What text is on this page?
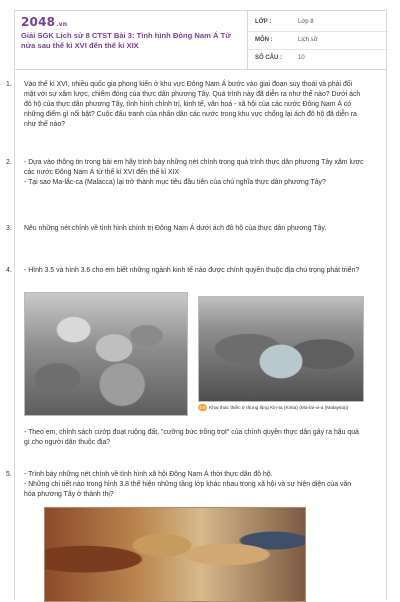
2048.vn
Giải SGK Lịch sử 8 CTST Bài 3: Tình hình Đông Nam Á Từ nửa sau thế kỉ XVI đến thế kỉ XIX
LỚP :	Lớp 8
MÔN :	Lịch sử
SỐ CÂU :	10
1. Vào thế kỉ XVI, nhiều quốc gia phong kiến ở khu vực Đông Nam Á bước vào giai đoạn suy thoái và phải đối mặt với sự xâm lược, chiếm đóng của thực dân phương Tây. Quá trình này đã diễn ra như thế nào? Dưới ách đô hộ của thực dân phương Tây, tình hình chính trị, kinh tế, văn hoá - xã hội của các nước Đông Nam Á có những điểm gì nổi bật? Cuộc đấu tranh của nhân dân các nước trong khu vực chống lại ách đô hộ đã diễn ra như thế nào?

2. - Dựa vào thông tin trong bài em hãy trình bày những nét chính trong quá trình thực dân phương Tây xâm lược các nước Đông Nam Á từ thế kỉ XVI đến thế kỉ XIX

- Tại sao Ma-lắc-ca (Malacca) lại trở thành mục tiêu đầu tiên của chủ nghĩa thực dân phương Tây?

3. Nêu những nét chính về tình hình chính trị Đông Nam Á dưới ách đô hộ của thực dân phương Tây.

4. - Hình 3.5 và hình 3.6 cho em biết những ngành kinh tế nào được chính quyền thuộc địa chú trọng phát triển?

3.6 Khai thác thiếc ở thung lũng Kin-ta (Kinta) (Ma-lai-xi-a (Malaysia))

- Theo em, chính sách cướp đoạt ruộng đất, "cưỡng bức trồng trọt" của chính quyền thực dân gây ra hậu quả gì cho người dân thuộc địa?

5. - Trình bày những nét chính về tình hình xã hội Đông Nam Á thời thực dân đô hộ.

- Những chi tiết nào trong hình 3.8 thể hiện những tầng lớp khác nhau trong xã hội và sự hiện diện của văn hóa phương Tây ở thành thị?
